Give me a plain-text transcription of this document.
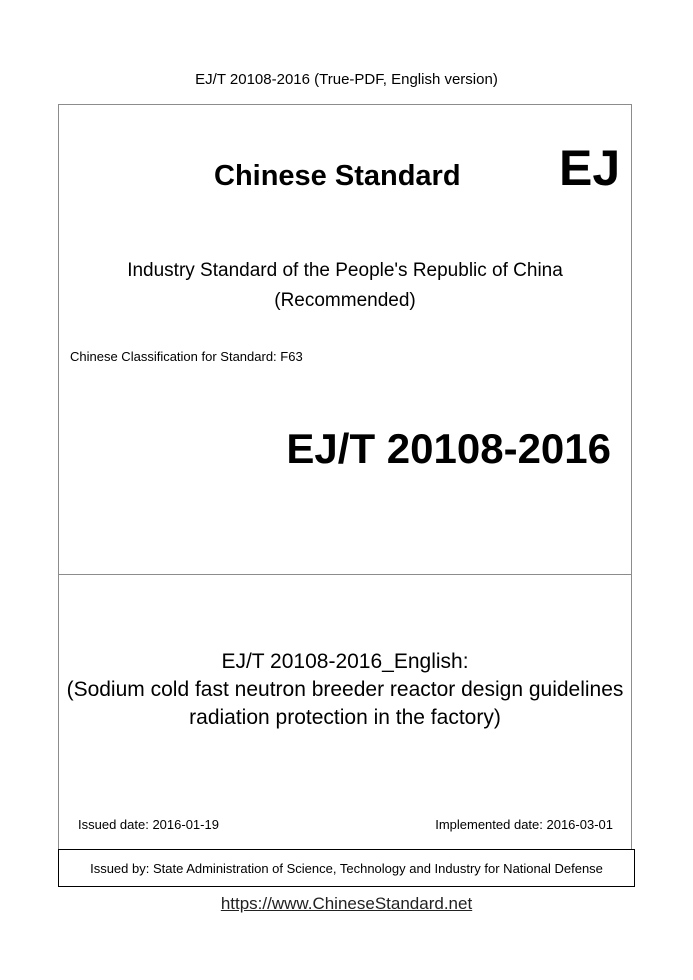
EJ/T 20108-2016 (True-PDF, English version)
Chinese Standard EJ
Industry Standard of the People's Republic of China
(Recommended)
Chinese Classification for Standard: F63
EJ/T 20108-2016
EJ/T 20108-2016_English:
(Sodium cold fast neutron breeder reactor design guidelines
radiation protection in the factory)
Issued date: 2016-01-19	Implemented date: 2016-03-01
Issued by: State Administration of Science, Technology and Industry for National Defense
https://www.ChineseStandard.net
